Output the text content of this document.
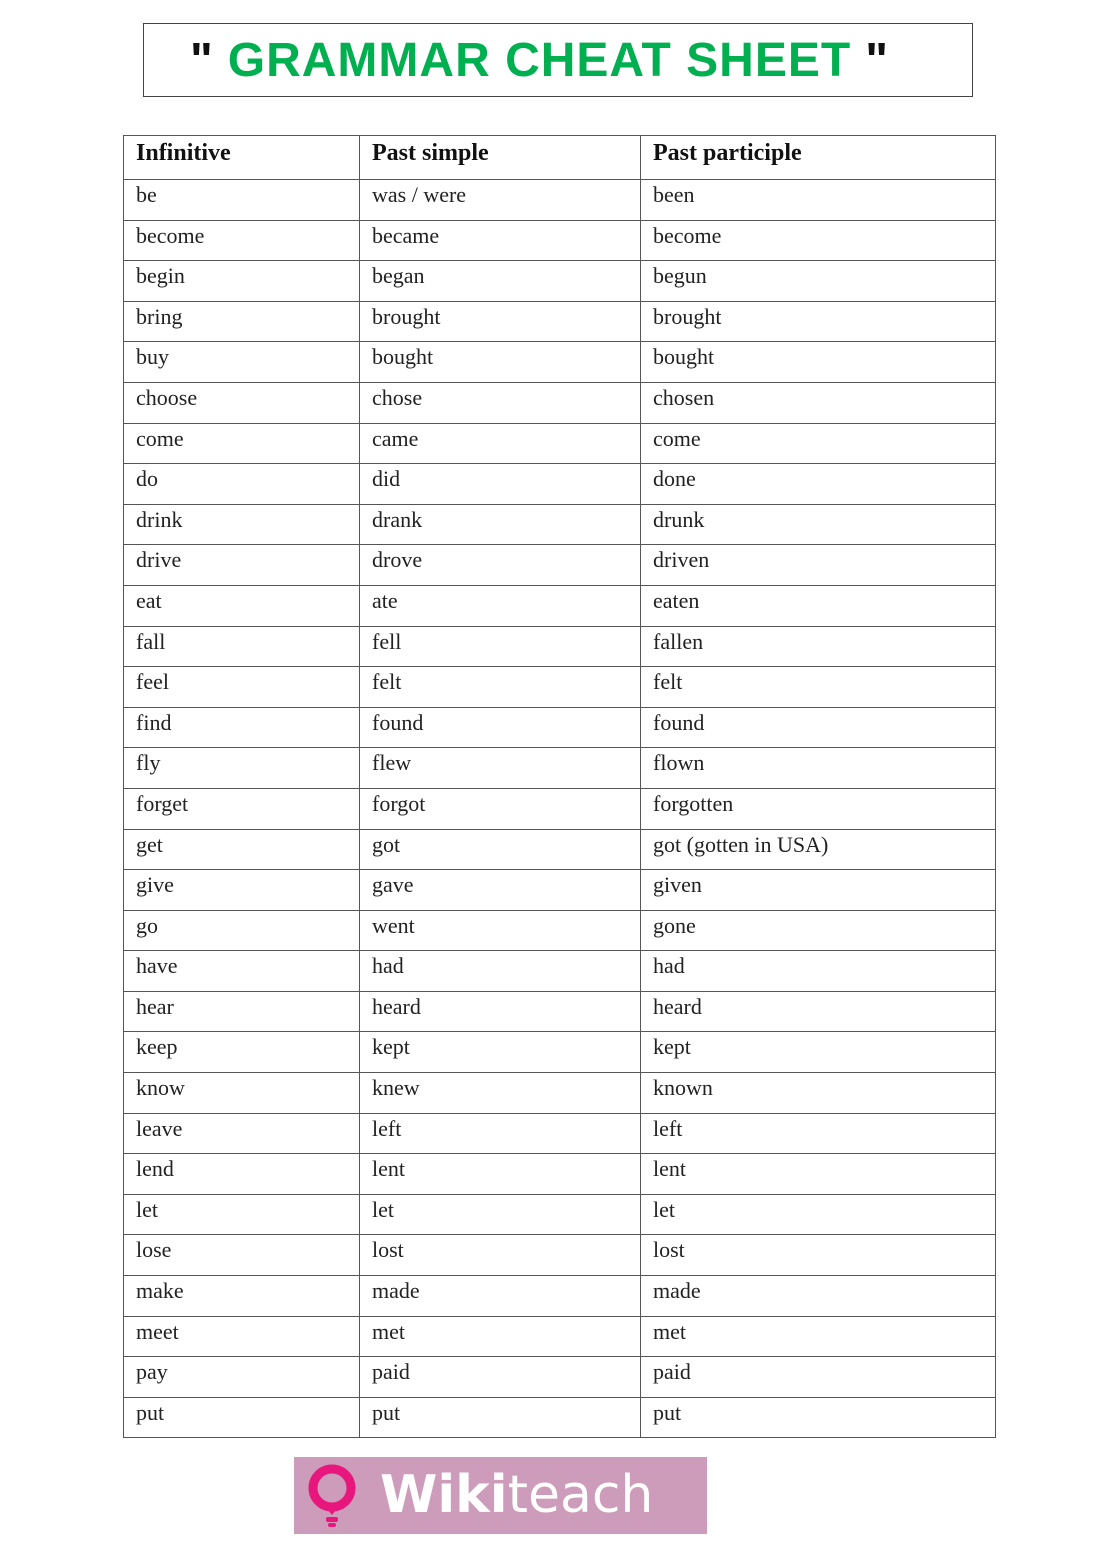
" GRAMMAR CHEAT SHEET "
Infinitive	Past simple	Past participle
be	was / were	been
become	became	become
begin	began	begun
bring	brought	brought
buy	bought	bought
choose	chose	chosen
come	came	come
do	did	done
drink	drank	drunk
drive	drove	driven
eat	ate	eaten
fall	fell	fallen
feel	felt	felt
find	found	found
fly	flew	flown
forget	forgot	forgotten
get	got	got (gotten in USA)
give	gave	given
go	went	gone
have	had	had
hear	heard	heard
keep	kept	kept
know	knew	known
leave	left	left
lend	lent	lent
let	let	let
lose	lost	lost
make	made	made
meet	met	met
pay	paid	paid
put	put	put
Wikiteach
